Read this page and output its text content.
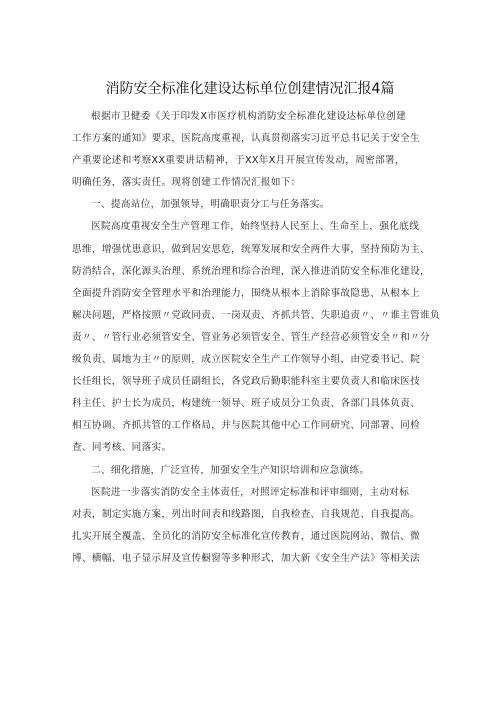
消防安全标准化建设达标单位创建情况汇报4篇
根据市卫健委《关于印发X市医疗机构消防安全标准化建设达标单位创建
工作方案的通知》要求，医院高度重视，认真贯彻落实习近平总书记关于安全生
产重要论述和考察XX重要讲话精神，于XX年X月开展宣传发动，周密部署，
明确任务，落实责任。现将创建工作情况汇报如下：
一、提高站位，加强领导，明确职责分工与任务落实。
医院高度重视安全生产管理工作，始终坚持人民至上、生命至上，强化底线
思维，增强忧患意识，做到居安思危，统筹发展和安全两件大事，坚持预防为主、
防消结合，深化源头治理、系统治理和综合治理，深入推进消防安全标准化建设，
全面提升消防安全管理水平和治理能力，围绕从根本上消除事故隐患、从根本上
解决问题，严格按照〃党政同责、一岗双责、齐抓共管、失职追责〃、〃谁主管谁负
责〃、〃管行业必须管安全、管业务必须管安全、管生产经营必须管安全〃和〃分
级负责、属地为主〃的原则，成立医院安全生产工作领导小组，由党委书记、院
长任组长，领导班子成员任副组长，各党政后勤职能科室主要负责人和临床医技
科主任、护士长为成员，构建统一领导、班子成员分工负责、各部门具体负责、
相互协调、齐抓共管的工作格局，并与医院其他中心工作同研究、同部署、同检
查、同考核、同落实。
二、细化措施，广泛宣传，加强安全生产知识培训和应急演练。
医院进一步落实消防安全主体责任，对照评定标准和评审细则，主动对标
对表，制定实施方案，列出时间表和线路图，自我检查、自我规范、自我提高。
扎实开展全覆盖、全员化的消防安全标准化宣传教育，通过医院网站、微信、微
博、横幅、电子显示屏及宣传橱窗等多种形式，加大新《安全生产法》等相关法
